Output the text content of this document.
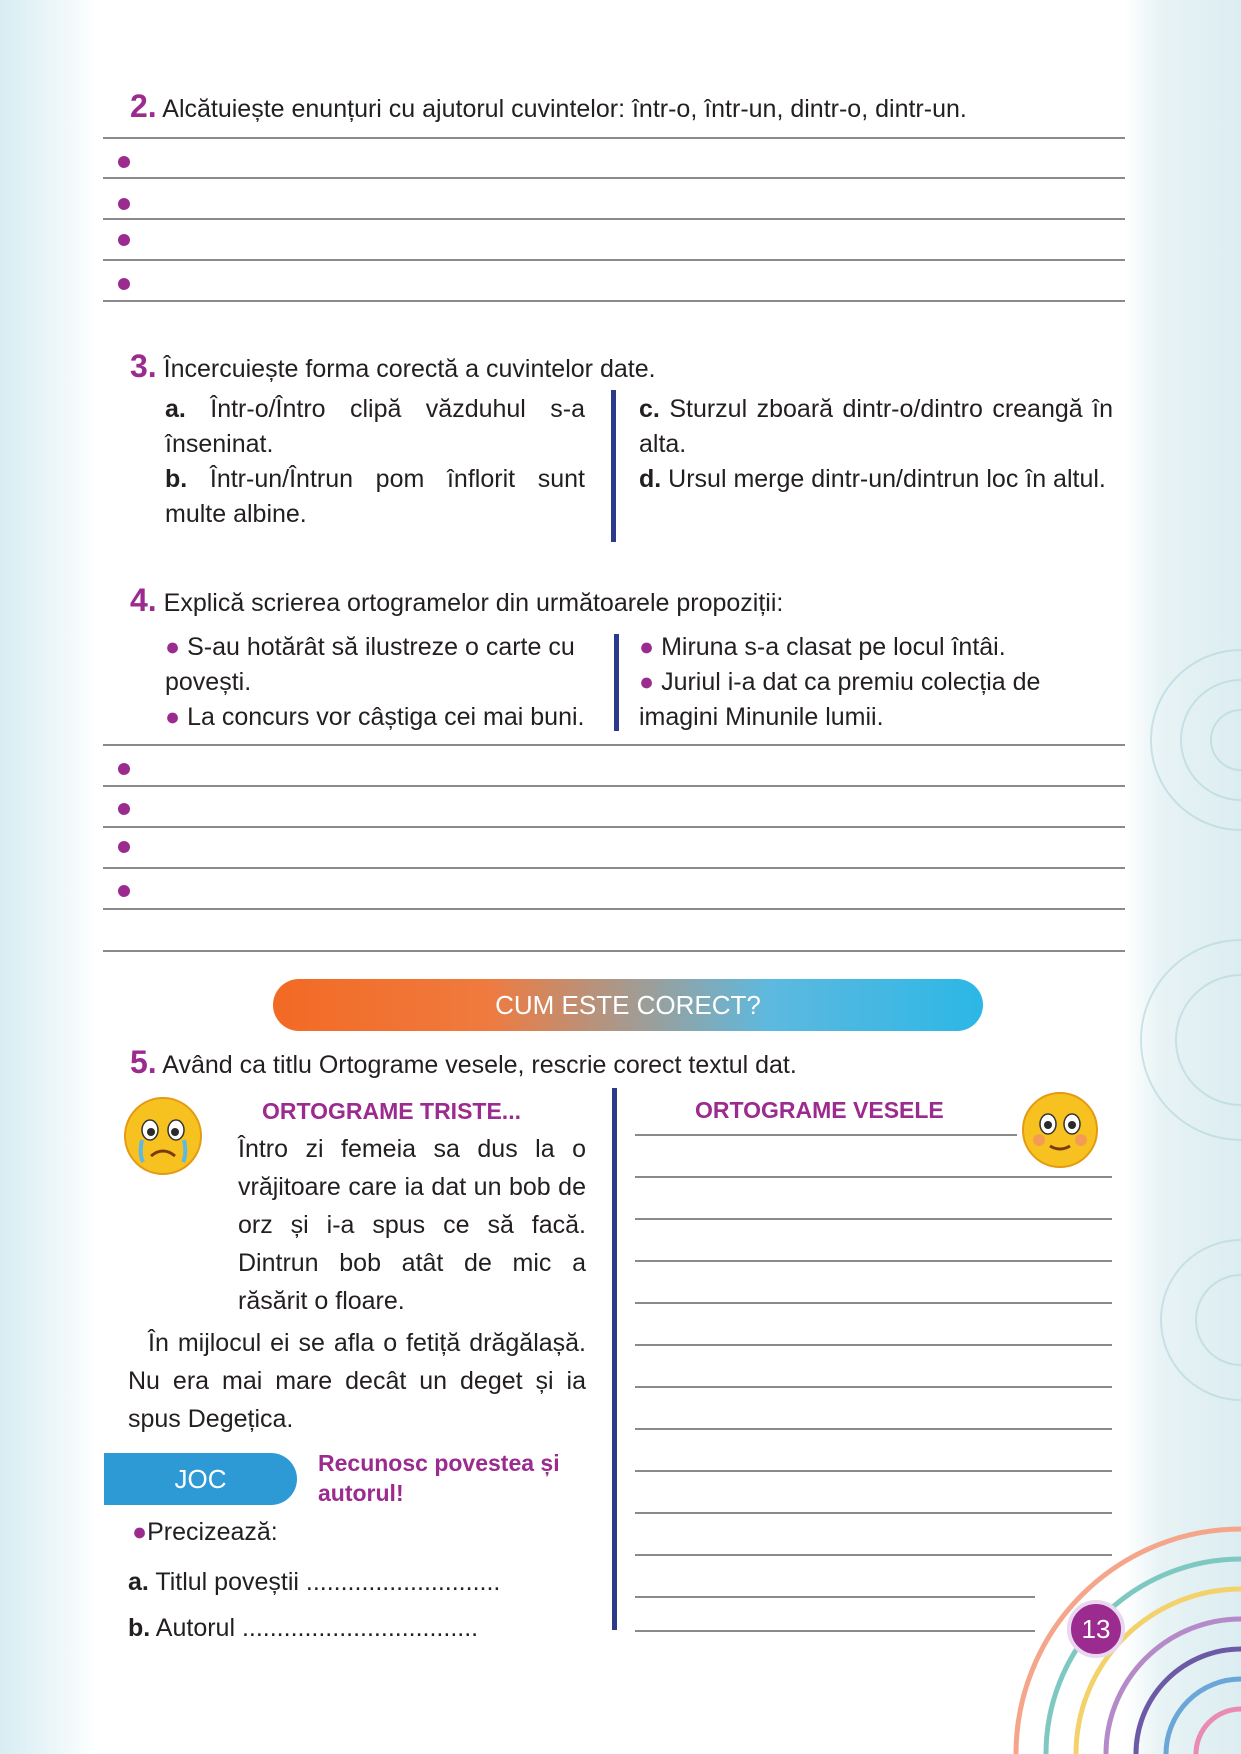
2. Alcătuiește enunțuri cu ajutorul cuvintelor: într-o, într-un, dintr-o, dintr-un.
3. Încercuiește forma corectă a cuvintelor date.
a. Într-o/Întro clipă văzduhul s-a înseninat.
b. Într-un/Întrun pom înflorit sunt multe albine.
c. Sturzul zboară dintr-o/dintro creangă în alta.
d. Ursul merge dintr-un/dintrun loc în altul.
4. Explică scrierea ortogramelor din următoarele propoziții:
● S-au hotărât să ilustreze o carte cu povești.
● La concurs vor câștiga cei mai buni.
● Miruna s-a clasat pe locul întâi.
● Juriul i-a dat ca premiu colecția de imagini Minunile lumii.
CUM ESTE CORECT?
5. Având ca titlu Ortograme vesele, rescrie corect textul dat.
ORTOGRAME TRISTE...
Întro zi femeia sa dus la o vrăjitoare care ia dat un bob de orz și i-a spus ce să facă. Dintrun bob atât de mic a răsărit o floare.
În mijlocul ei se afla o fetiță drăgălașă. Nu era mai mare decât un deget și ia spus Degețica.
ORTOGRAME VESELE
JOC
Recunosc povestea și autorul!
●Precizează:
a. Titlul poveștii ............................
b. Autorul ..................................	13
